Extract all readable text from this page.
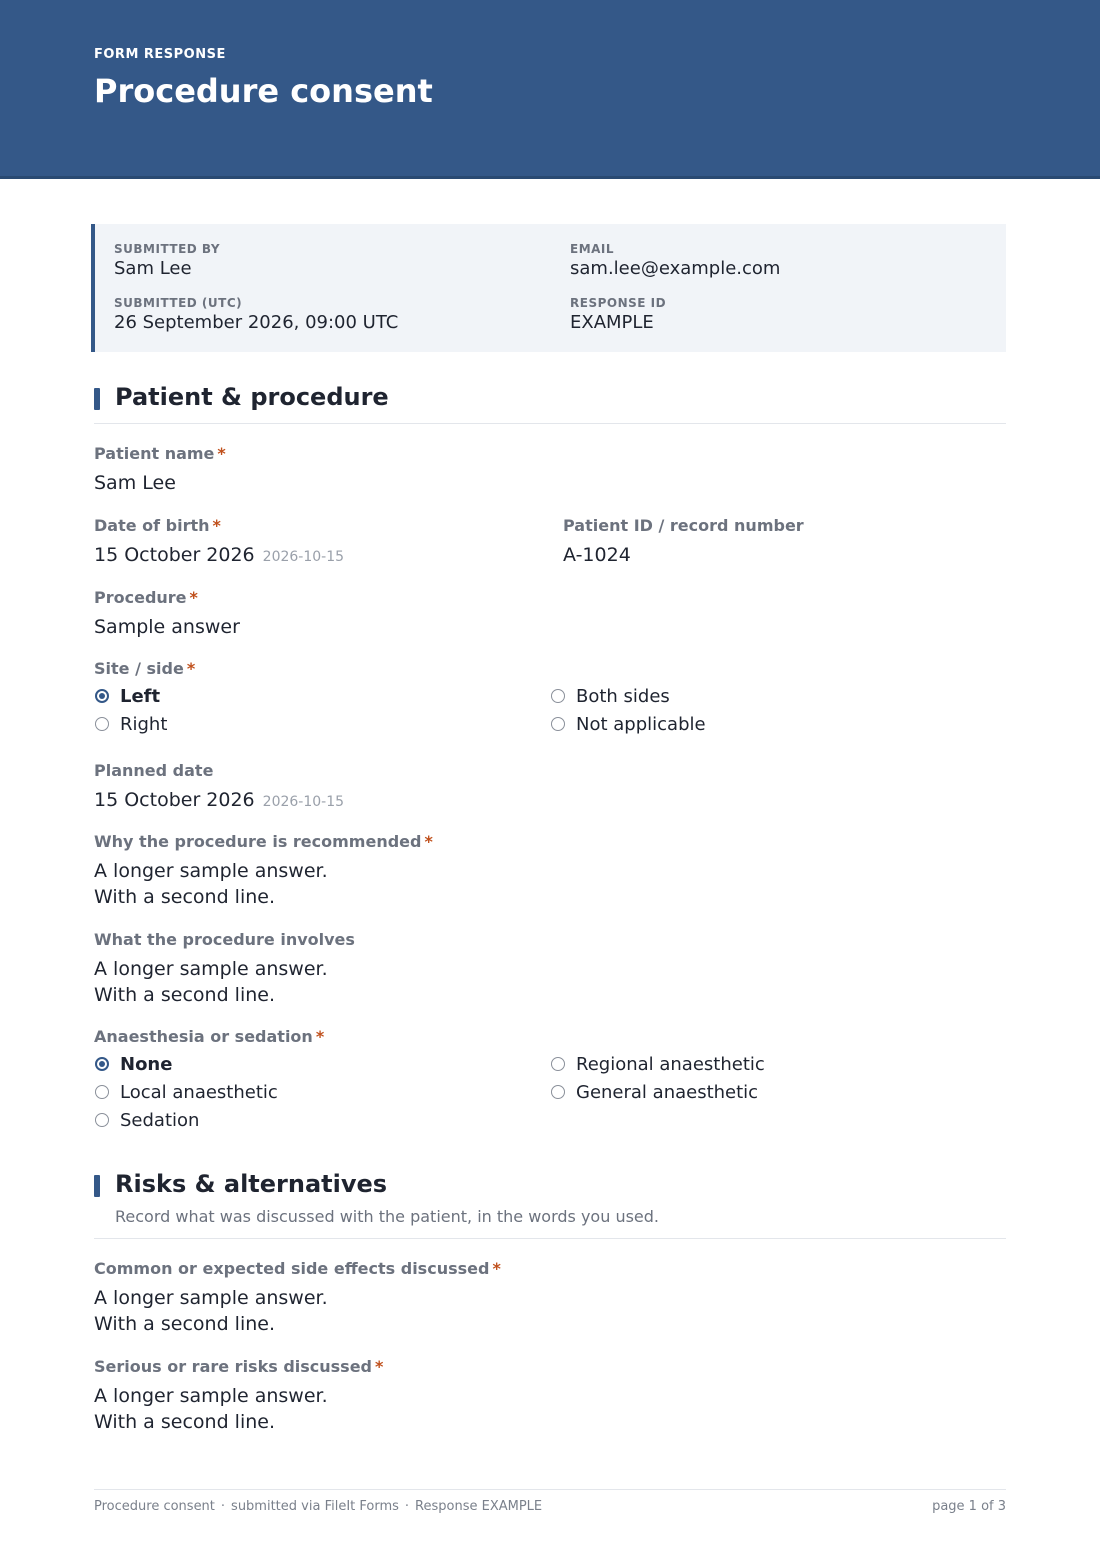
FORM RESPONSE
Procedure consent
SUBMITTED BY
Sam Lee
EMAIL
sam.lee@example.com
SUBMITTED (UTC)
26 September 2026, 09:00 UTC
RESPONSE ID
EXAMPLE
Patient & procedure
Patient name *
Sam Lee
Date of birth *
15 October 2026 2026-10-15
Patient ID / record number
A-1024
Procedure *
Sample answer
Site / side *
Left
Right
Both sides
Not applicable
Planned date
15 October 2026 2026-10-15
Why the procedure is recommended *
A longer sample answer.
With a second line.
What the procedure involves
A longer sample answer.
With a second line.
Anaesthesia or sedation *
None
Local anaesthetic
Sedation
Regional anaesthetic
General anaesthetic
Risks & alternatives
Record what was discussed with the patient, in the words you used.
Common or expected side effects discussed *
A longer sample answer.
With a second line.
Serious or rare risks discussed *
A longer sample answer.
With a second line.
Procedure consent · submitted via FileIt Forms · Response EXAMPLE	page 1 of 3
